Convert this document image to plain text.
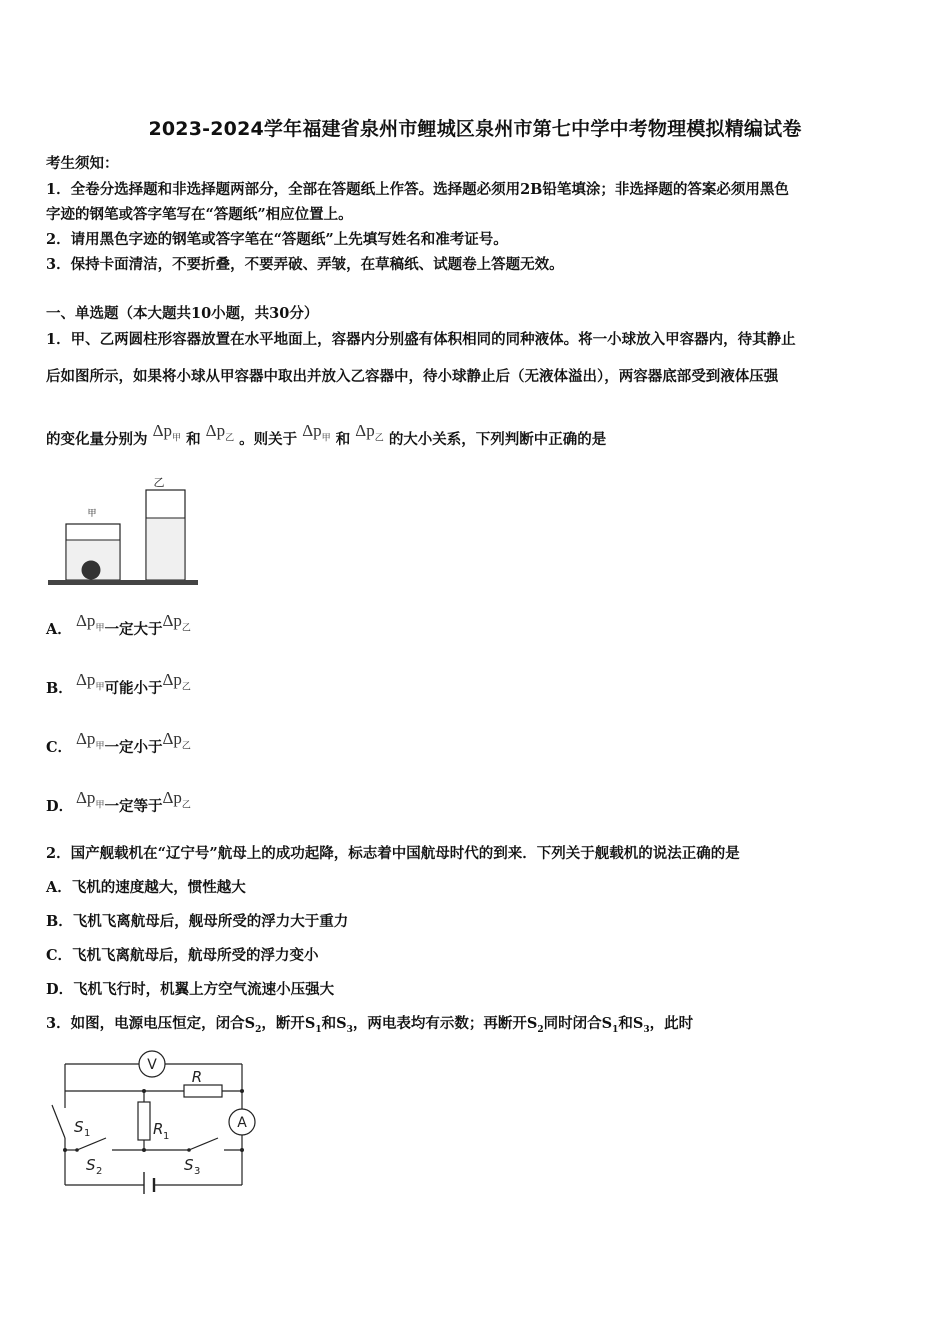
2023-2024学年福建省泉州市鲤城区泉州市第七中学中考物理模拟精编试卷
考生须知：
1．全卷分选择题和非选择题两部分，全部在答题纸上作答。选择题必须用2B铅笔填涂；非选择题的答案必须用黑色
字迹的钢笔或答字笔写在“答题纸”相应位置上。
2．请用黑色字迹的钢笔或答字笔在“答题纸”上先填写姓名和准考证号。
3．保持卡面清洁，不要折叠，不要弄破、弄皱，在草稿纸、试题卷上答题无效。
一、单选题（本大题共10小题，共30分）
1．甲、乙两圆柱形容器放置在水平地面上，容器内分别盛有体积相同的同种液体。将一小球放入甲容器内，待其静止
后如图所示，如果将小球从甲容器中取出并放入乙容器中，待小球静止后（无液体溢出），两容器底部受到液体压强
的变化量分别为 $\Delta p_甲$ 和 $\Delta p_乙$ 。则关于 $\Delta p_甲$ 和 $\Delta p_乙$ 的大小关系，下列判断中正确的是
乙
甲
A． $\Delta p_甲$一定大于$\Delta p_乙$
B． $\Delta p_甲$可能小于$\Delta p_乙$
C． $\Delta p_甲$一定小于$\Delta p_乙$
D． $\Delta p_甲$一定等于$\Delta p_乙$
2．国产舰载机在“辽宁号”航母上的成功起降，标志着中国航母时代的到来．下列关于舰载机的说法正确的是
A．飞机的速度越大，惯性越大
B．飞机飞离航母后，舰母所受的浮力大于重力
C．飞机飞离航母后，航母所受的浮力变小
D．飞机飞行时，机翼上方空气流速小压强大
3．如图，电源电压恒定，闭合$S_2$，断开$S_1$和$S_3$，两电表均有示数；再断开$S_2$同时闭合$S_1$和$S_3$，此时
V
A
R
R 1
S 1
S 2	S 3
